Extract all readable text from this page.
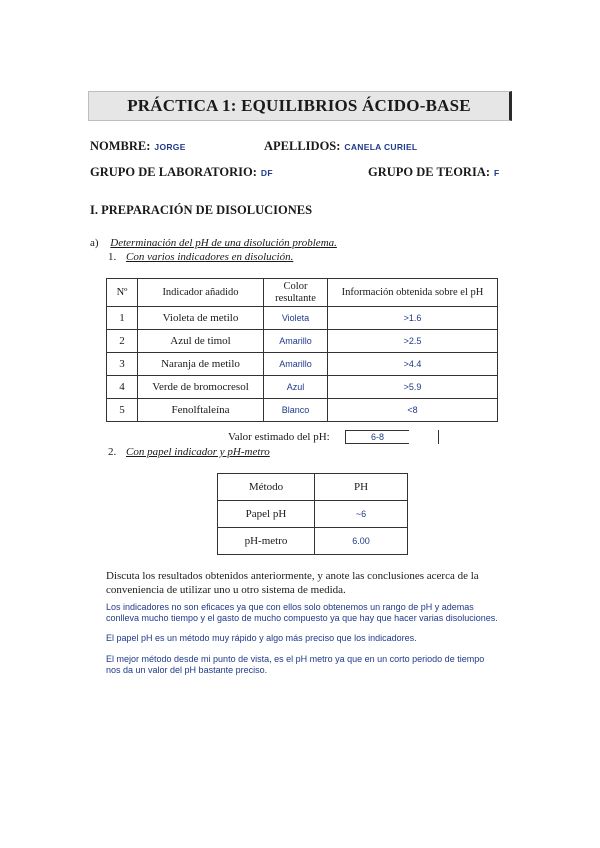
PRÁCTICA 1: EQUILIBRIOS ÁCIDO-BASE
NOMBRE: JORGE	APELLIDOS: CANELA CURIEL
GRUPO DE LABORATORIO: DF	GRUPO DE TEORIA: F
I. PREPARACIÓN DE DISOLUCIONES
a) Determinación del pH de una disolución problema.
1. Con varios indicadores en disolución.
Nº	Indicador añadido	Color resultante	Información obtenida sobre el pH
1	Violeta de metilo	Violeta	>1.6
2	Azul de timol	Amarillo	>2.5
3	Naranja de metilo	Amarillo	>4.4
4	Verde de bromocresol	Azul	>5.9
5	Fenolftaleína	Blanco	<8
Valor estimado del pH:	6-8
2. Con papel indicador y pH-metro
Método	PH
Papel pH	~6
pH-metro	6.00
Discuta los resultados obtenidos anteriormente, y anote las conclusiones acerca de la
conveniencia de utilizar uno u otro sistema de medida.
Los indicadores no son eficaces ya que con ellos solo obtenemos un rango de pH y ademas
conlleva mucho tiempo y el gasto de mucho compuesto ya que hay que hacer varias disoluciones.
El papel pH es un método muy rápido y algo más preciso que los indicadores.
El mejor método desde mi punto de vista, es el pH metro ya que en un corto periodo de tiempo
nos da un valor del pH bastante preciso.
